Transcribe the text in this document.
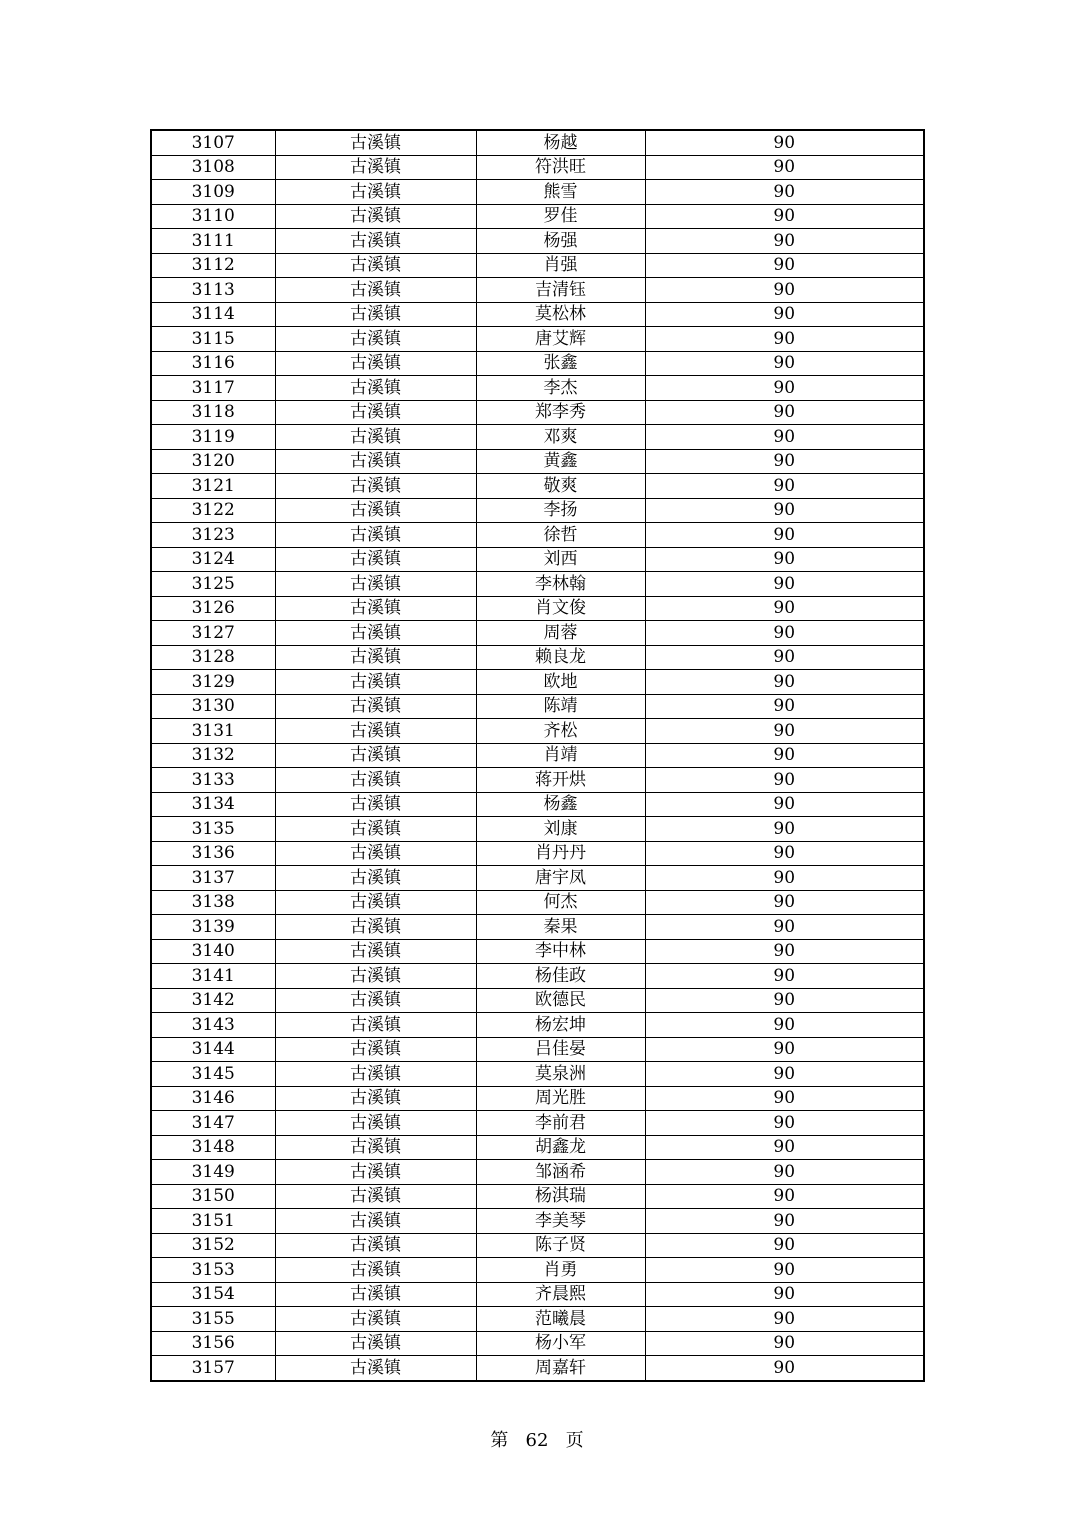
3107	古溪镇	杨越	90
3108	古溪镇	符洪旺	90
3109	古溪镇	熊雪	90
3110	古溪镇	罗佳	90
3111	古溪镇	杨强	90
3112	古溪镇	肖强	90
3113	古溪镇	吉清钰	90
3114	古溪镇	莫松林	90
3115	古溪镇	唐艾辉	90
3116	古溪镇	张鑫	90
3117	古溪镇	李杰	90
3118	古溪镇	郑李秀	90
3119	古溪镇	邓爽	90
3120	古溪镇	黄鑫	90
3121	古溪镇	敬爽	90
3122	古溪镇	李扬	90
3123	古溪镇	徐哲	90
3124	古溪镇	刘西	90
3125	古溪镇	李林翰	90
3126	古溪镇	肖文俊	90
3127	古溪镇	周蓉	90
3128	古溪镇	赖良龙	90
3129	古溪镇	欧地	90
3130	古溪镇	陈靖	90
3131	古溪镇	齐松	90
3132	古溪镇	肖靖	90
3133	古溪镇	蒋开烘	90
3134	古溪镇	杨鑫	90
3135	古溪镇	刘康	90
3136	古溪镇	肖丹丹	90
3137	古溪镇	唐宇凤	90
3138	古溪镇	何杰	90
3139	古溪镇	秦果	90
3140	古溪镇	李中林	90
3141	古溪镇	杨佳政	90
3142	古溪镇	欧德民	90
3143	古溪镇	杨宏坤	90
3144	古溪镇	吕佳晏	90
3145	古溪镇	莫泉洲	90
3146	古溪镇	周光胜	90
3147	古溪镇	李前君	90
3148	古溪镇	胡鑫龙	90
3149	古溪镇	邹涵希	90
3150	古溪镇	杨淇瑞	90
3151	古溪镇	李美琴	90
3152	古溪镇	陈子贤	90
3153	古溪镇	肖勇	90
3154	古溪镇	齐晨熙	90
3155	古溪镇	范曦晨	90
3156	古溪镇	杨小军	90
3157	古溪镇	周嘉轩	90
第 62 页
